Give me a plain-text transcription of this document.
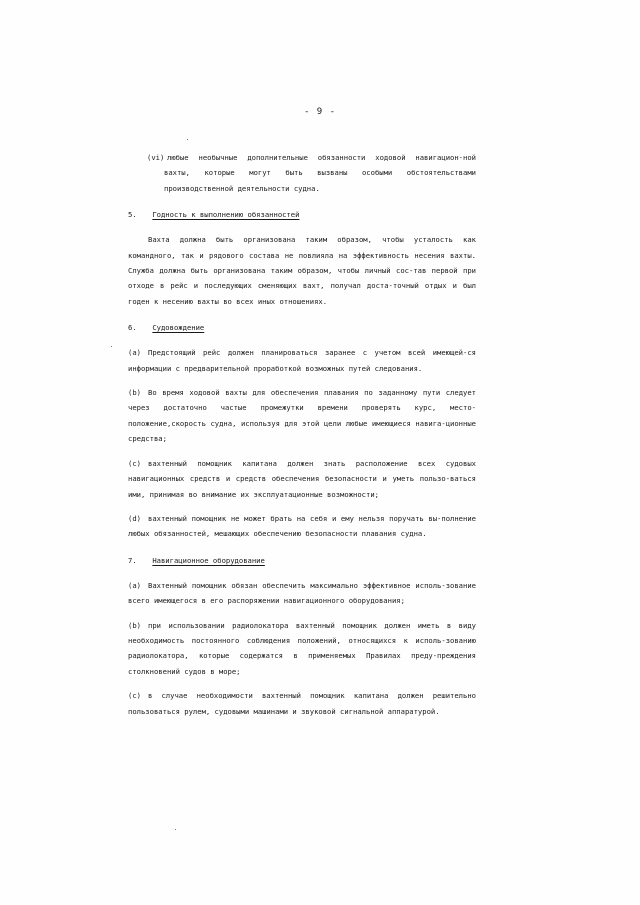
- 9 -

(vi) любые необычные дополнительные обязанности ходовой навигацион-ной вахты, которые могут быть вызваны особыми обстоятельствами производственной деятельности судна.

5. Годность к выполнению обязанностей

Вахта должна быть организована таким образом, чтобы усталость как командного, так и рядового состава не повлияла на эффективность несения вахты. Служба должна быть организована таким образом, чтобы личный сос-тав первой при отходе в рейс и последующих сменяющих вахт, получал доста-точный отдых и был годен к несению вахты во всех иных отношениях.

6. Судовождение

(a) Предстоящий рейс должен планироваться заранее с учетом всей имеющей-ся информации с предварительной проработкой возможных путей следования.

(b) Во время ходовой вахты для обеспечения плавания по заданному пути следует через достаточно частые промежутки времени проверять курс, место-положение,скорость судна, используя для этой цели любые имеющиеся навига-ционные средства;

(c) вахтенный помощник капитана должен знать расположение всех судовых навигационных средств и средств обеспечения безопасности и уметь пользо-ваться ими, принимая во внимание их эксплуатационные возможности;

(d) вахтенный помощник не может брать на себя и ему нельзя поручать вы-полнение любых обязанностей, мешающих обеспечению безопасности плавания судна.

7. Навигационное оборудование

(a) Вахтенный помощник обязан обеспечить максимально эффективное исполь-зование всего имеющегося в его распоряжении навигационного оборудования;

(b) при использовании радиолокатора вахтенный помощник должен иметь в виду необходимость постоянного соблюдения положений, относящихся к исполь-зованию радиолокатора, которые содержатся в применяемых Правилах преду-преждения столкновений судов в море;

(c) в случае необходимости вахтенный помощник капитана должен решительно пользоваться рулем, судовыми машинами и звуковой сигнальной аппаратурой.
